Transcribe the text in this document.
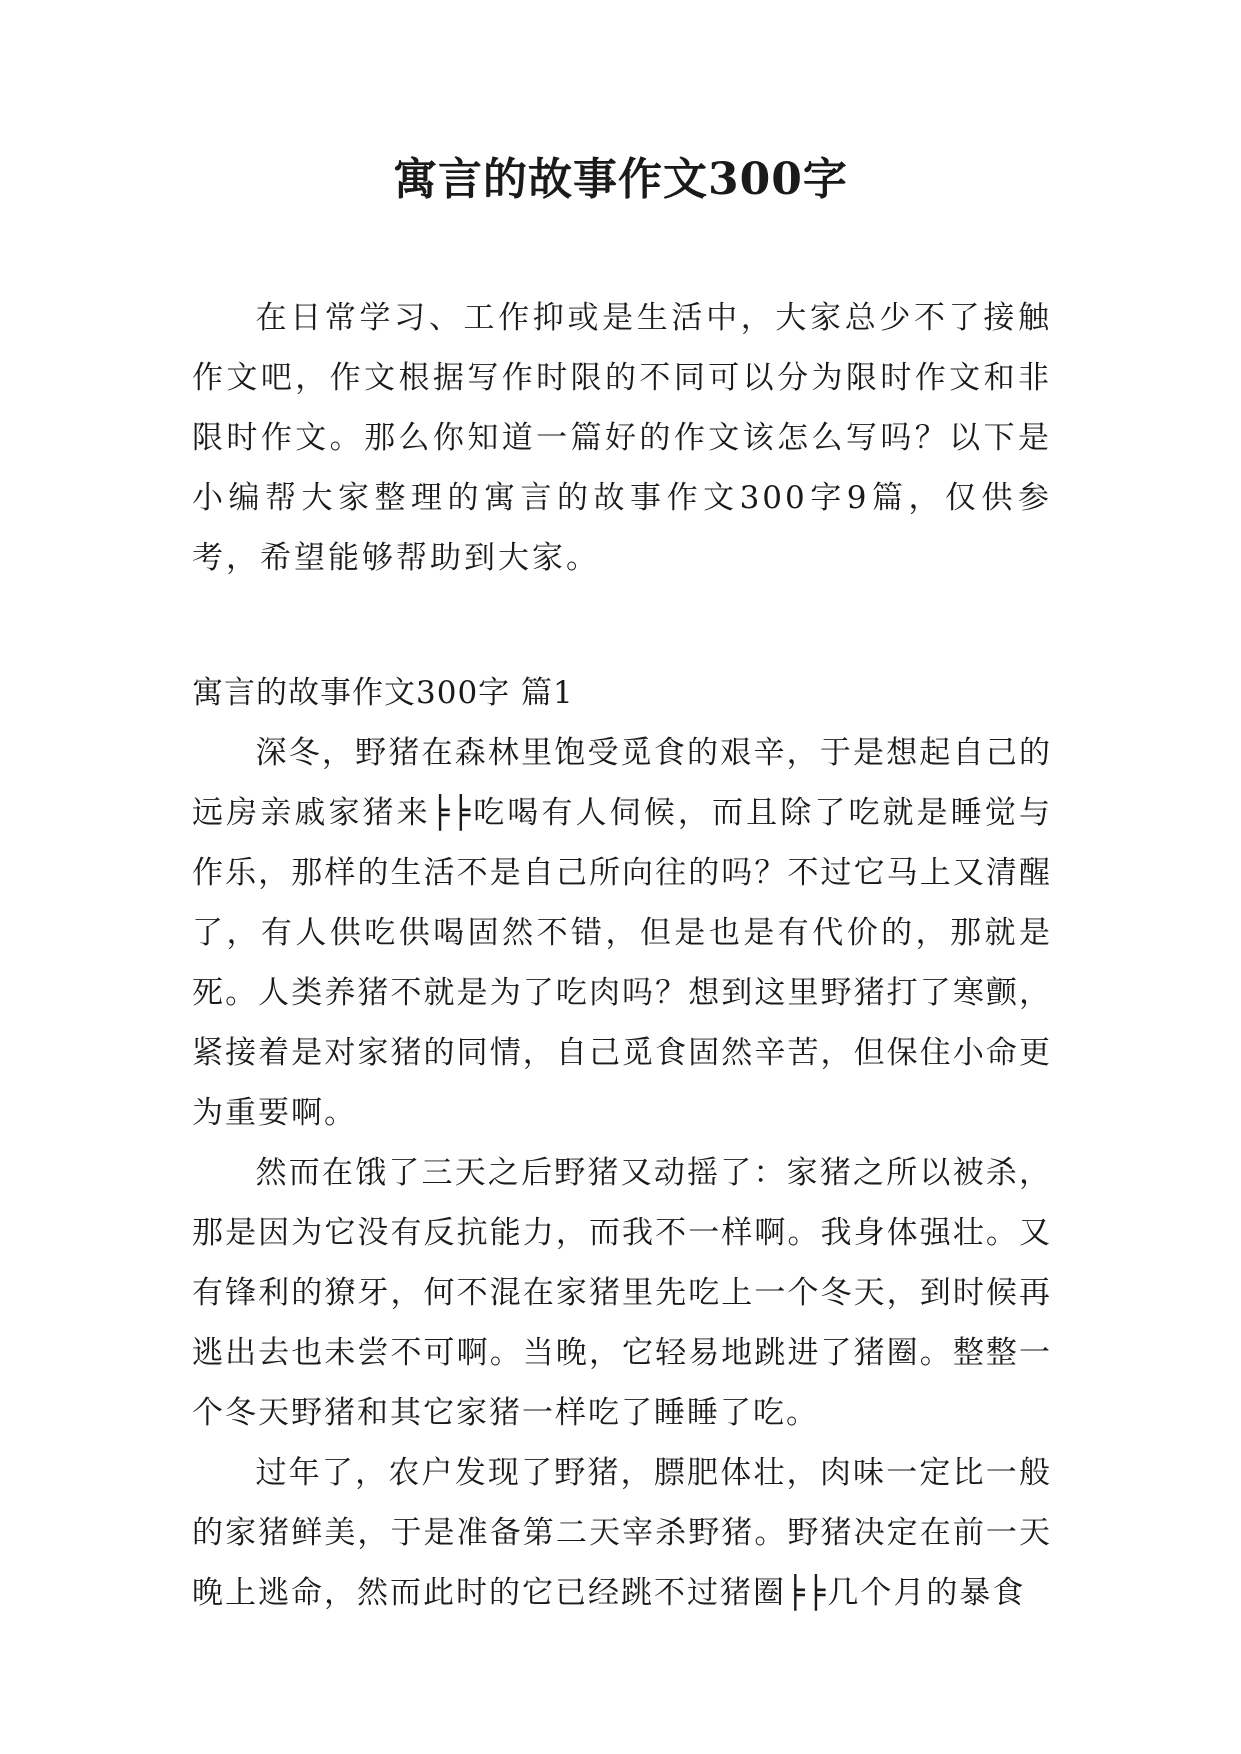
寓言的故事作文300字

在日常学习、工作抑或是生活中，大家总少不了接触作文吧，作文根据写作时限的不同可以分为限时作文和非限时作文。那么你知道一篇好的作文该怎么写吗？以下是小编帮大家整理的寓言的故事作文300字9篇，仅供参考，希望能够帮助到大家。

寓言的故事作文300字 篇1

深冬，野猪在森林里饱受觅食的艰辛，于是想起自己的远房亲戚家猪来╞╞吃喝有人伺候，而且除了吃就是睡觉与作乐，那样的生活不是自己所向往的吗？不过它马上又清醒了，有人供吃供喝固然不错，但是也是有代价的，那就是死。人类养猪不就是为了吃肉吗？想到这里野猪打了寒颤，紧接着是对家猪的同情，自己觅食固然辛苦，但保住小命更为重要啊。

然而在饿了三天之后野猪又动摇了：家猪之所以被杀，那是因为它没有反抗能力，而我不一样啊。我身体强壮。又有锋利的獠牙，何不混在家猪里先吃上一个冬天，到时候再逃出去也未尝不可啊。当晚，它轻易地跳进了猪圈。整整一个冬天野猪和其它家猪一样吃了睡睡了吃。

过年了，农户发现了野猪，膘肥体壮，肉味一定比一般的家猪鲜美，于是准备第二天宰杀野猪。野猪决定在前一天晚上逃命，然而此时的它已经跳不过猪圈╞╞几个月的暴食
